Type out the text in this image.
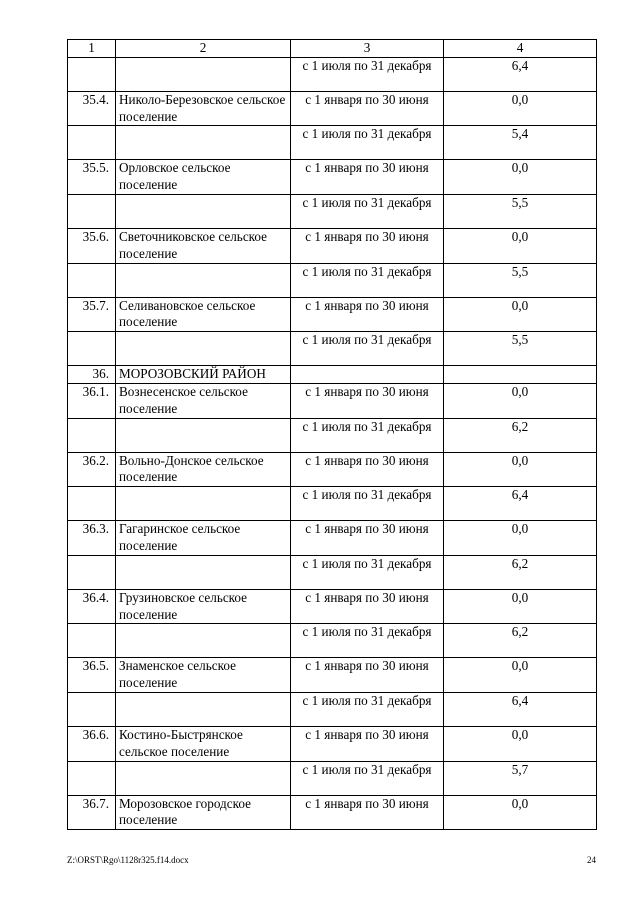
1	2	3	4
		с 1 июля по 31 декабря	6,4
35.4.	Николо-Березовское сельское поселение	с 1 января по 30 июня	0,0
		с 1 июля по 31 декабря	5,4
35.5.	Орловское сельское поселение	с 1 января по 30 июня	0,0
		с 1 июля по 31 декабря	5,5
35.6.	Светочниковское сельское поселение	с 1 января по 30 июня	0,0
		с 1 июля по 31 декабря	5,5
35.7.	Селивановское сельское поселение	с 1 января по 30 июня	0,0
		с 1 июля по 31 декабря	5,5
36.	МОРОЗОВСКИЙ РАЙОН		
36.1.	Вознесенское сельское поселение	с 1 января по 30 июня	0,0
		с 1 июля по 31 декабря	6,2
36.2.	Вольно-Донское сельское поселение	с 1 января по 30 июня	0,0
		с 1 июля по 31 декабря	6,4
36.3.	Гагаринское сельское поселение	с 1 января по 30 июня	0,0
		с 1 июля по 31 декабря	6,2
36.4.	Грузиновское сельское поселение	с 1 января по 30 июня	0,0
		с 1 июля по 31 декабря	6,2
36.5.	Знаменское сельское поселение	с 1 января по 30 июня	0,0
		с 1 июля по 31 декабря	6,4
36.6.	Костино-Быстрянское сельское поселение	с 1 января по 30 июня	0,0
		с 1 июля по 31 декабря	5,7
36.7.	Морозовское городское поселение	с 1 января по 30 июня	0,0
Z:\ORST\Rgo\1128r325.f14.docx	24
